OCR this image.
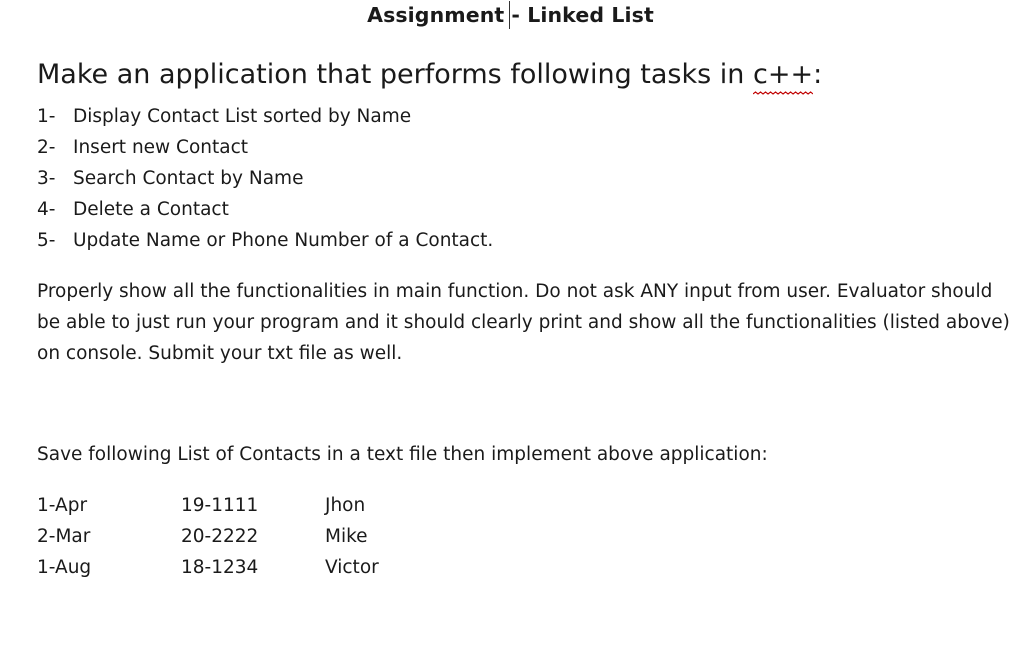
Assignment - Linked List
Make an application that performs following tasks in c++
:
1- Display Contact List sorted by Name
2- Insert new Contact
3- Search Contact by Name
4- Delete a Contact
5- Update Name or Phone Number of a Contact.
Properly show all the functionalities in main function. Do not ask ANY input from user. Evaluator should
be able to just run your program and it should clearly print and show all the functionalities (listed above)
on console. Submit your txt file as well.
Save following List of Contacts in a text file then implement above application:
1-Apr	19-1111	Jhon
2-Mar	20-2222	Mike
1-Aug	18-1234	Victor
